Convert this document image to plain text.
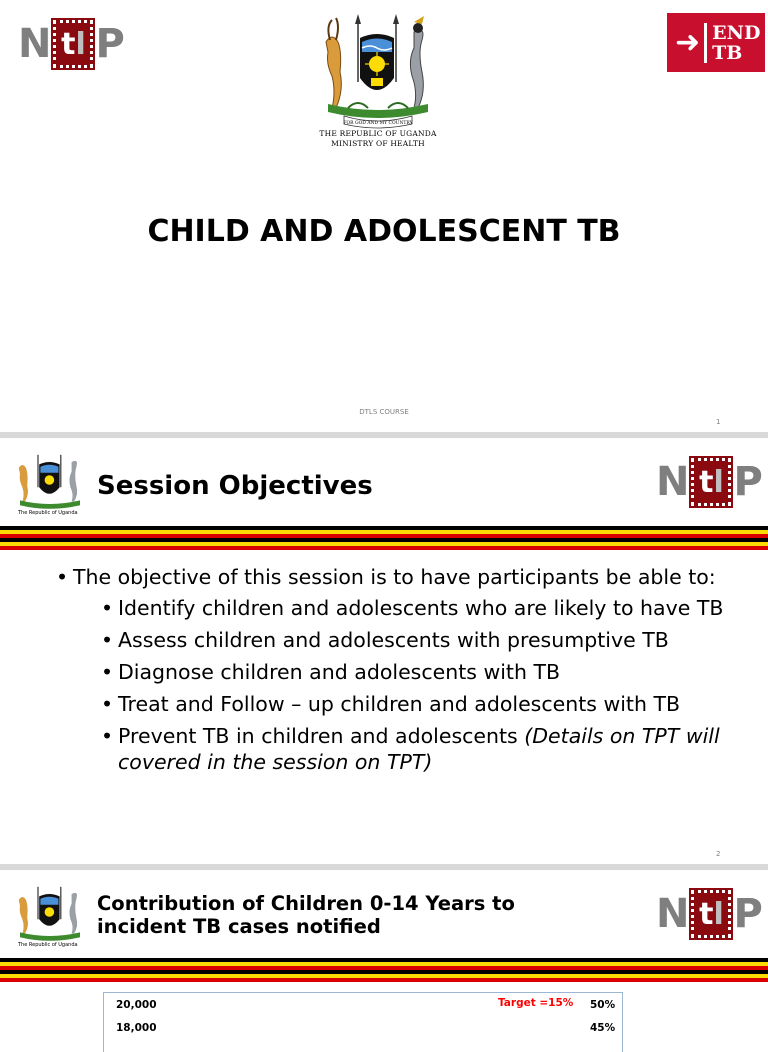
N t l P
FOR GOD AND MY COUNTRY
THE REPUBLIC OF UGANDA
MINISTRY OF HEALTH
➜ END
TB
CHILD AND ADOLESCENT TB
DTLS COURSE
1
The Republic of Uganda
Session Objectives	N t l P
• The objective of this session is to have participants be able to:
• Identify children and adolescents who are likely to have TB
• Assess children and adolescents with presumptive TB
• Diagnose children and adolescents with TB
• Treat and Follow – up children and adolescents with TB
• Prevent TB in children and adolescents (Details on TPT will covered in the session on TPT)
2
The Republic of Uganda
Contribution of Children 0-14 Years to
incident TB cases notified	N t l P
20,000
18,000
Target =15% 50%
45%
